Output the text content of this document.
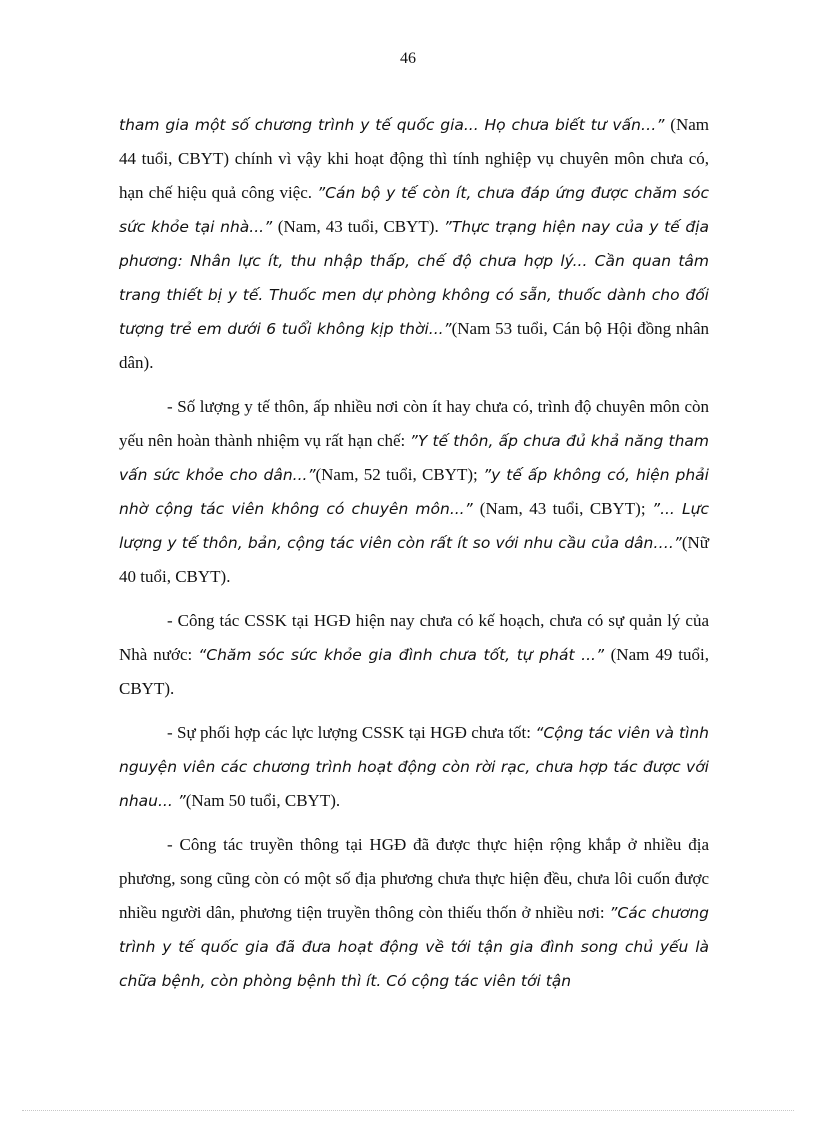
46

tham gia một số chương trình y tế quốc gia... Họ chưa biết tư vấn…” (Nam 44 tuổi, CBYT) chính vì vậy khi hoạt động thì tính nghiệp vụ chuyên môn chưa có, hạn chế hiệu quả công việc. ”Cán bộ y tế còn ít, chưa đáp ứng được chăm sóc sức khỏe tại nhà...” (Nam, 43 tuổi, CBYT). ”Thực trạng hiện nay của y tế địa phương: Nhân lực ít, thu nhập thấp, chế độ chưa hợp lý... Cần quan tâm trang thiết bị y tế. Thuốc men dự phòng không có sẵn, thuốc dành cho đối tượng trẻ em dưới 6 tuổi không kịp thời...”(Nam 53 tuổi, Cán bộ Hội đồng nhân dân).

- Số lượng y tế thôn, ấp nhiều nơi còn ít hay chưa có, trình độ chuyên môn còn yếu nên hoàn thành nhiệm vụ rất hạn chế: ”Y tế thôn, ấp chưa đủ khả năng tham vấn sức khỏe cho dân...”(Nam, 52 tuổi, CBYT); ”y tế ấp không có, hiện phải nhờ cộng tác viên không có chuyên môn...” (Nam, 43 tuổi, CBYT); ”... Lực lượng y tế thôn, bản, cộng tác viên còn rất ít so với nhu cầu của dân….”(Nữ 40 tuổi, CBYT).

- Công tác CSSK tại HGĐ hiện nay chưa có kế hoạch, chưa có sự quản lý của Nhà nước: “Chăm sóc sức khỏe gia đình chưa tốt, tự phát ...” (Nam 49 tuổi, CBYT).

- Sự phối hợp các lực lượng CSSK tại HGĐ chưa tốt: “Cộng tác viên và tình nguyện viên các chương trình hoạt động còn rời rạc, chưa hợp tác được với nhau... ”(Nam 50 tuổi, CBYT).

- Công tác truyền thông tại HGĐ đã được thực hiện rộng khắp ở nhiều địa phương, song cũng còn có một số địa phương chưa thực hiện đều, chưa lôi cuốn được nhiều người dân, phương tiện truyền thông còn thiếu thốn ở nhiều nơi: ”Các chương trình y tế quốc gia đã đưa hoạt động về tới tận gia đình song chủ yếu là chữa bệnh, còn phòng bệnh thì ít. Có cộng tác viên tới tận
